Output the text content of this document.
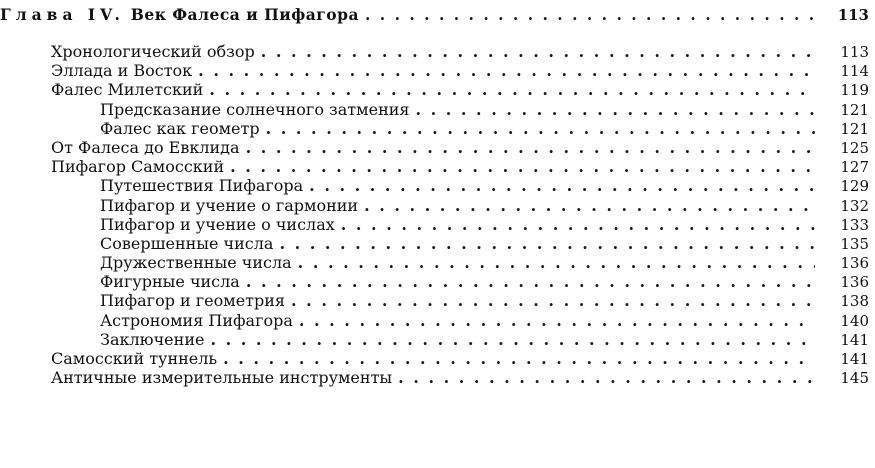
Глава IV. Век Фалеса и Пифагора . . .	113
Хронологический обзор . . .	113
Эллада и Восток . . .	114
Фалес Милетский . . .	119
Предсказание солнечного затмения . . .	121
Фалес как геометр . . .	121
От Фалеса до Евклида . . .	125
Пифагор Самосский . . .	127
Путешествия Пифагора . . .	129
Пифагор и учение о гармонии . . .	132
Пифагор и учение о числах . . .	133
Совершенные числа . . .	135
Дружественные числа . . .	136
Фигурные числа . . .	136
Пифагор и геометрия . . .	138
Астрономия Пифагора . . .	140
Заключение . . .	141
Самосский туннель . . .	141
Античные измерительные инструменты . . .	145
